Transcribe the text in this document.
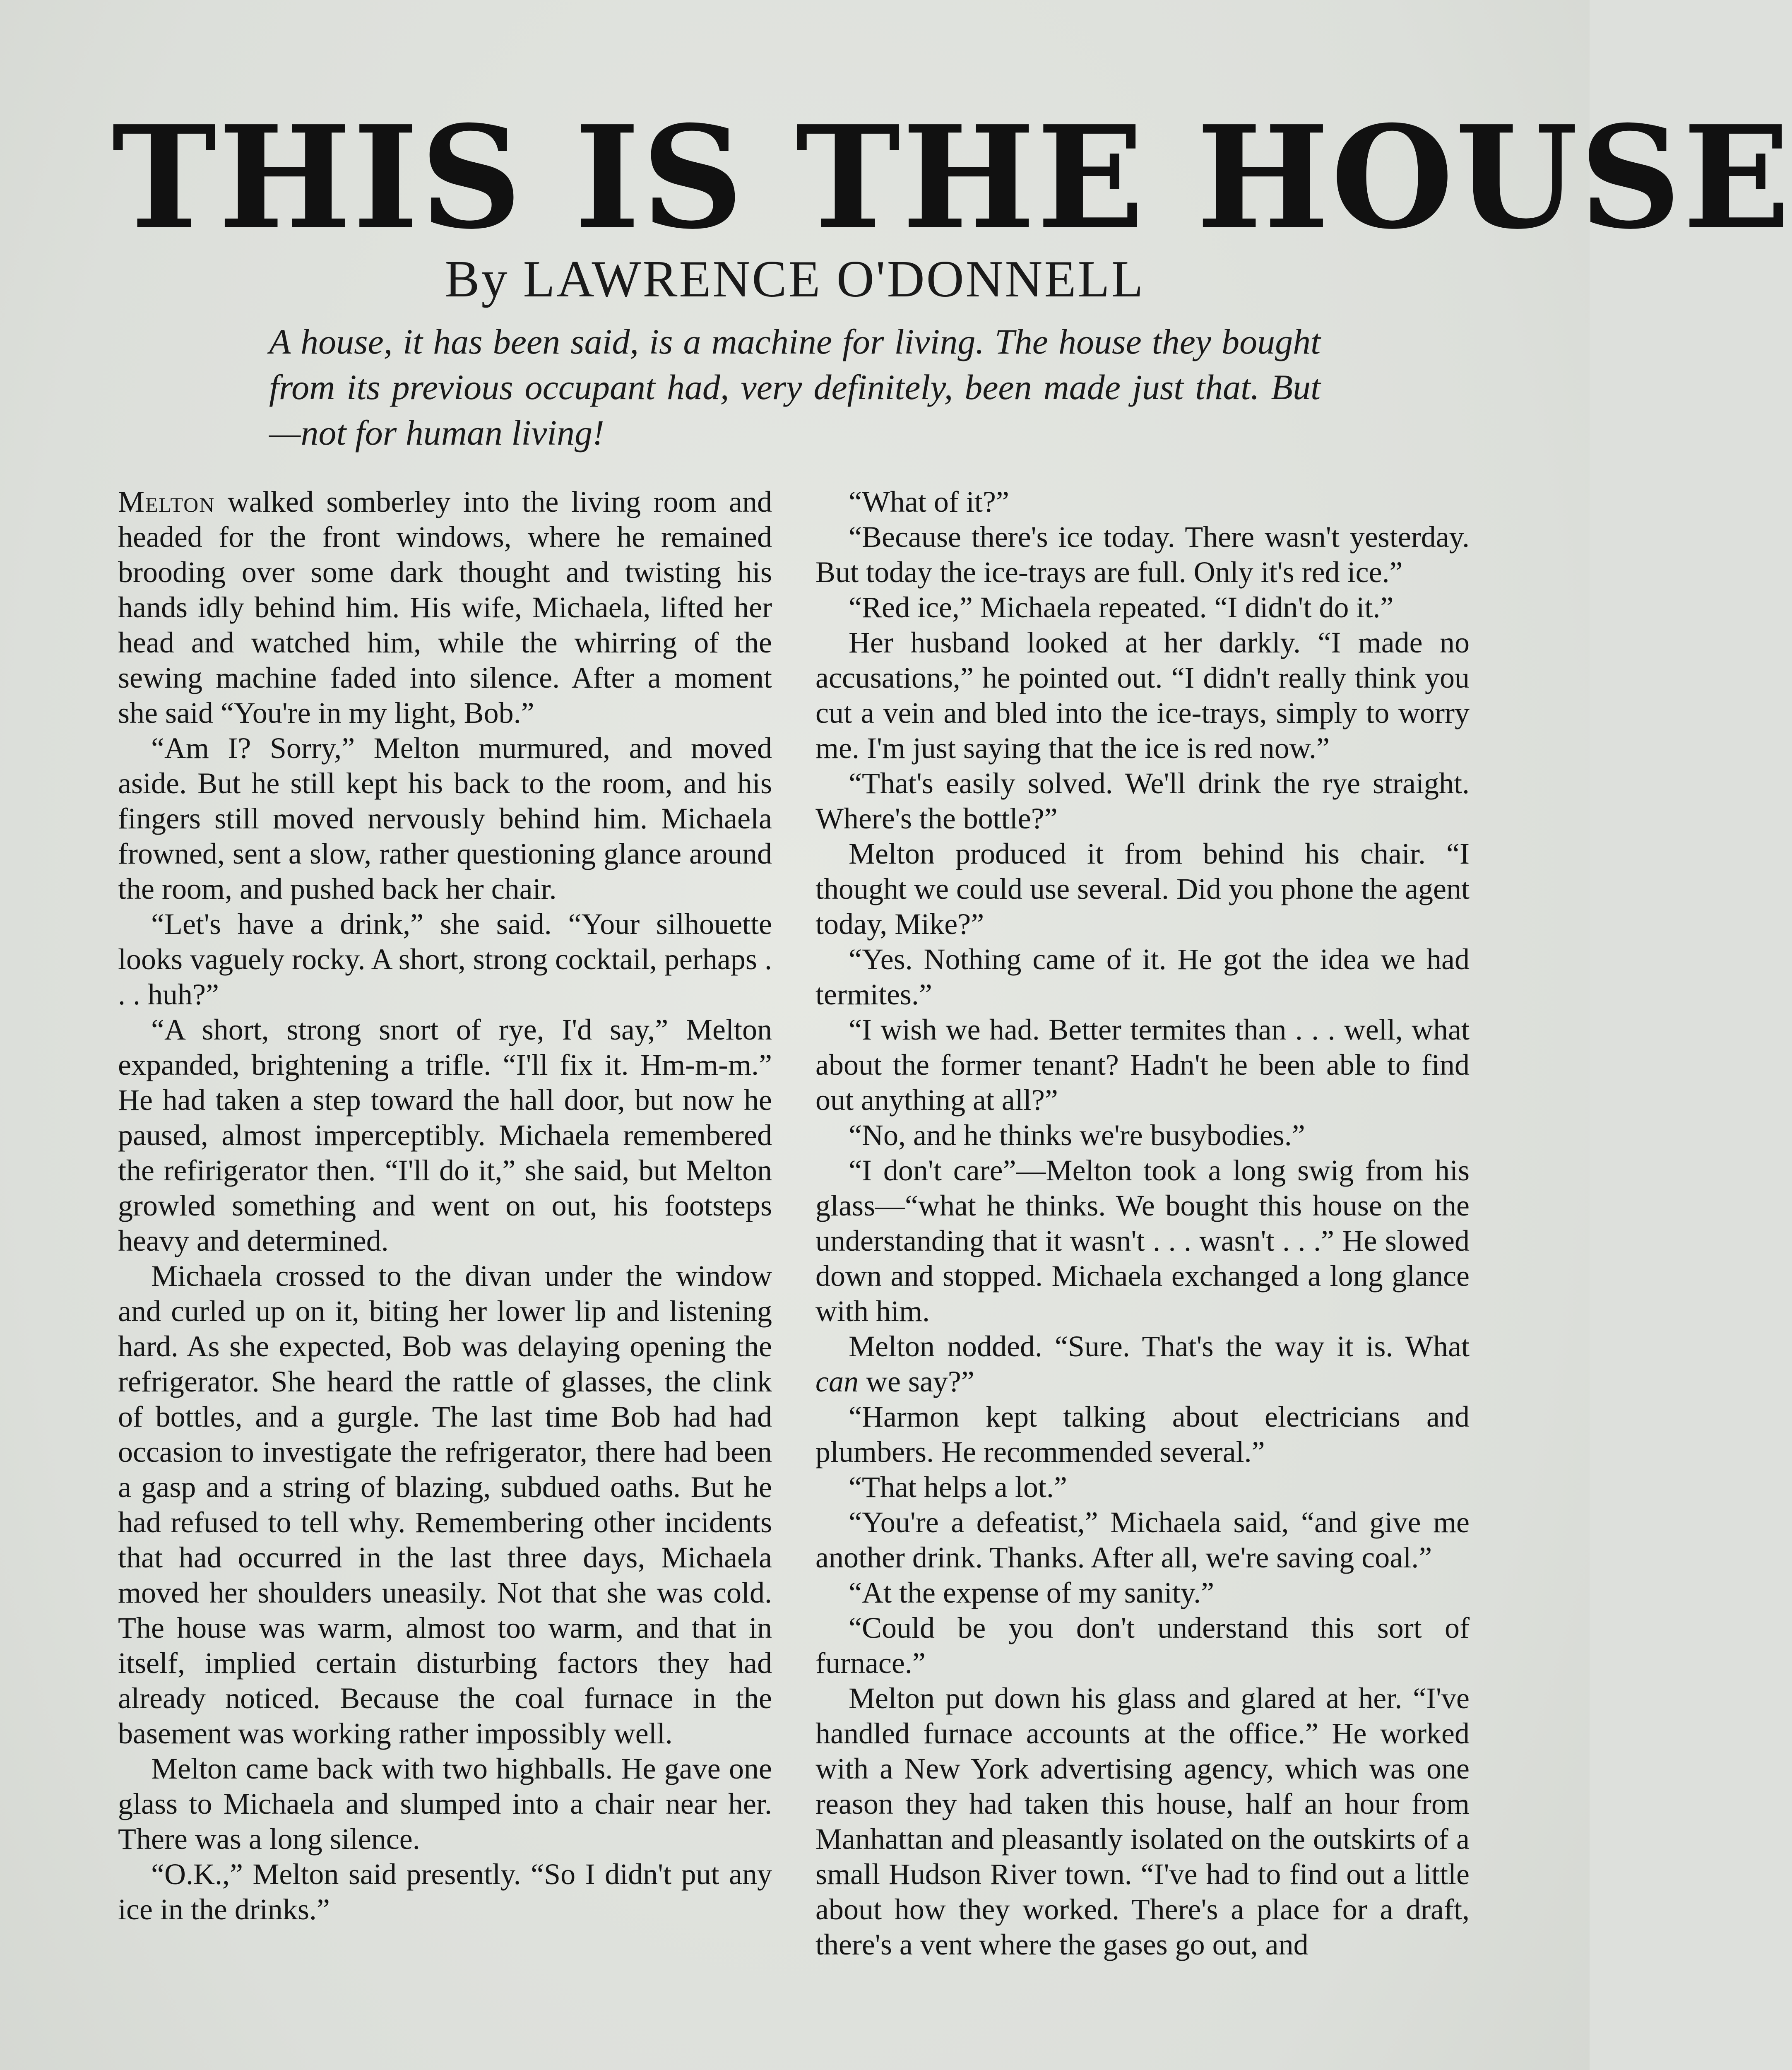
THIS IS THE HOUSE

By LAWRENCE O'DONNELL

A house, it has been said, is a machine for living. The house they bought from its previous occupant had, very definitely, been made just that. But—not for human living!

Melton walked somberley into the living room and headed for the front windows, where he remained brooding over some dark thought and twisting his hands idly behind him. His wife, Michaela, lifted her head and watched him, while the whirring of the sewing machine faded into silence. After a moment she said “You're in my light, Bob.”

“Am I? Sorry,” Melton murmured, and moved aside. But he still kept his back to the room, and his fingers still moved nervously behind him. Michaela frowned, sent a slow, rather questioning glance around the room, and pushed back her chair.

“Let's have a drink,” she said. “Your silhouette looks vaguely rocky. A short, strong cocktail, perhaps . . . huh?”

“A short, strong snort of rye, I'd say,” Melton expanded, brightening a trifle. “I'll fix it. Hm-m-m.” He had taken a step toward the hall door, but now he paused, almost imperceptibly. Michaela remembered the refirigerator then. “I'll do it,” she said, but Melton growled something and went on out, his footsteps heavy and determined.

Michaela crossed to the divan under the window and curled up on it, biting her lower lip and listening hard. As she expected, Bob was delaying opening the refrigerator. She heard the rattle of glasses, the clink of bottles, and a gurgle. The last time Bob had had occasion to investigate the refrigerator, there had been a gasp and a string of blazing, subdued oaths. But he had refused to tell why. Remembering other incidents that had occurred in the last three days, Michaela moved her shoulders uneasily. Not that she was cold. The house was warm, almost too warm, and that in itself, implied certain disturbing factors they had already noticed. Because the coal furnace in the basement was working rather impossibly well.

Melton came back with two highballs. He gave one glass to Michaela and slumped into a chair near her. There was a long silence.

“O.K.,” Melton said presently. “So I didn't put any ice in the drinks.”

“What of it?”

“Because there's ice today. There wasn't yesterday. But today the ice-trays are full. Only it's red ice.”

“Red ice,” Michaela repeated. “I didn't do it.”

Her husband looked at her darkly. “I made no accusations,” he pointed out. “I didn't really think you cut a vein and bled into the ice-trays, simply to worry me. I'm just saying that the ice is red now.”

“That's easily solved. We'll drink the rye straight. Where's the bottle?”

Melton produced it from behind his chair. “I thought we could use several. Did you phone the agent today, Mike?”

“Yes. Nothing came of it. He got the idea we had termites.”

“I wish we had. Better termites than . . . well, what about the former tenant? Hadn't he been able to find out anything at all?”

“No, and he thinks we're busybodies.”

“I don't care”—Melton took a long swig from his glass—“what he thinks. We bought this house on the understanding that it wasn't . . . wasn't . . .” He slowed down and stopped. Michaela exchanged a long glance with him.

Melton nodded. “Sure. That's the way it is. What can we say?”

“Harmon kept talking about electricians and plumbers. He recommended several.”

“That helps a lot.”

“You're a defeatist,” Michaela said, “and give me another drink. Thanks. After all, we're saving coal.”

“At the expense of my sanity.”

“Could be you don't understand this sort of furnace.”

Melton put down his glass and glared at her. “I've handled furnace accounts at the office.” He worked with a New York advertising agency, which was one reason they had taken this house, half an hour from Manhattan and pleasantly isolated on the outskirts of a small Hudson River town. “I've had to find out a little about how they worked. There's a place for a draft, there's a vent where the gases go out, and
